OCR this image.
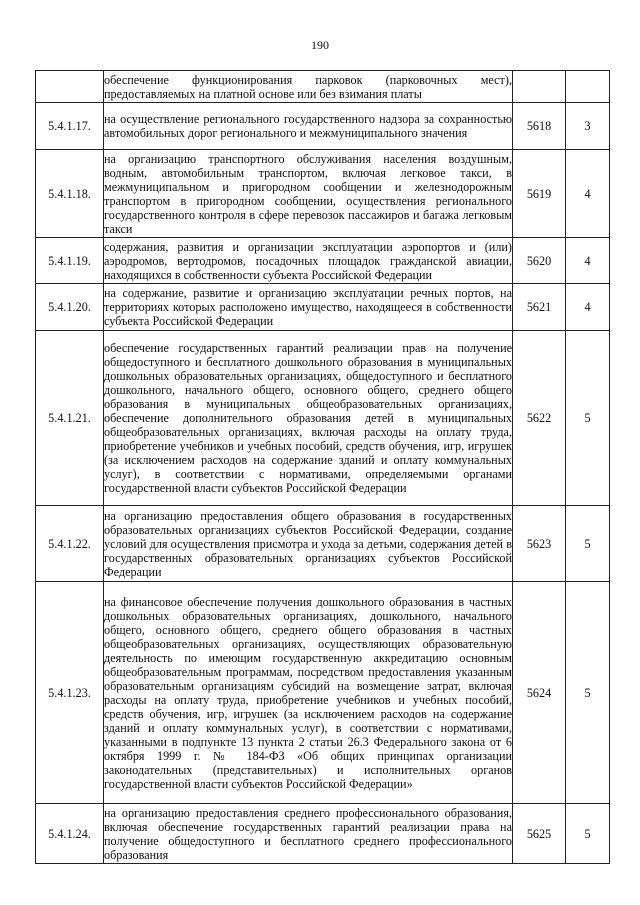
190
	обеспечение функционирования парковок (парковочных мест), предоставляемых на платной основе или без взимания платы		
5.4.1.17.	на осуществление регионального государственного надзора за сохранностью автомобильных дорог регионального и межмуниципального значения	5618	3
5.4.1.18.	на организацию транспортного обслуживания населения воздушным, водным, автомобильным транспортом, включая легковое такси, в межмуниципальном и пригородном сообщении и железнодорожным транспортом в пригородном сообщении, осуществления регионального государственного контроля в сфере перевозок пассажиров и багажа легковым такси	5619	4
5.4.1.19.	содержания, развития и организации эксплуатации аэропортов и (или) аэродромов, вертодромов, посадочных площадок гражданской авиации, находящихся в собственности субъекта Российской Федерации	5620	4
5.4.1.20.	на содержание, развитие и организацию эксплуатации речных портов, на территориях которых расположено имущество, находящееся в собственности субъекта Российской Федерации	5621	4
5.4.1.21.	обеспечение государственных гарантий реализации прав на получение общедоступного и бесплатного дошкольного образования в муниципальных дошкольных образовательных организациях, общедоступного и бесплатного дошкольного, начального общего, основного общего, среднего общего образования в муниципальных общеобразовательных организациях, обеспечение дополнительного образования детей в муниципальных общеобразовательных организациях, включая расходы на оплату труда, приобретение учебников и учебных пособий, средств обучения, игр, игрушек (за исключением расходов на содержание зданий и оплату коммунальных услуг), в соответствии с нормативами, определяемыми органами государственной власти субъектов Российской Федерации	5622	5
5.4.1.22.	на организацию предоставления общего образования в государственных образовательных организациях субъектов Российской Федерации, создание условий для осуществления присмотра и ухода за детьми, содержания детей в государственных образовательных организациях субъектов Российской Федерации	5623	5
5.4.1.23.	на финансовое обеспечение получения дошкольного образования в частных дошкольных образовательных организациях, дошкольного, начального общего, основного общего, среднего общего образования в частных общеобразовательных организациях, осуществляющих образовательную деятельность по имеющим государственную аккредитацию основным общеобразовательным программам, посредством предоставления указанным образовательным организациям субсидий на возмещение затрат, включая расходы на оплату труда, приобретение учебников и учебных пособий, средств обучения, игр, игрушек (за исключением расходов на содержание зданий и оплату коммунальных услуг), в соответствии с нормативами, указанными в подпункте 13 пункта 2 статьи 26.3 Федерального закона от 6 октября 1999 г. № 184-ФЗ «Об общих принципах организации законодательных (представительных) и исполнительных органов государственной власти субъектов Российской Федерации»	5624	5
5.4.1.24.	на организацию предоставления среднего профессионального образования, включая обеспечение государственных гарантий реализации права на получение общедоступного и бесплатного среднего профессионального образования	5625	5
